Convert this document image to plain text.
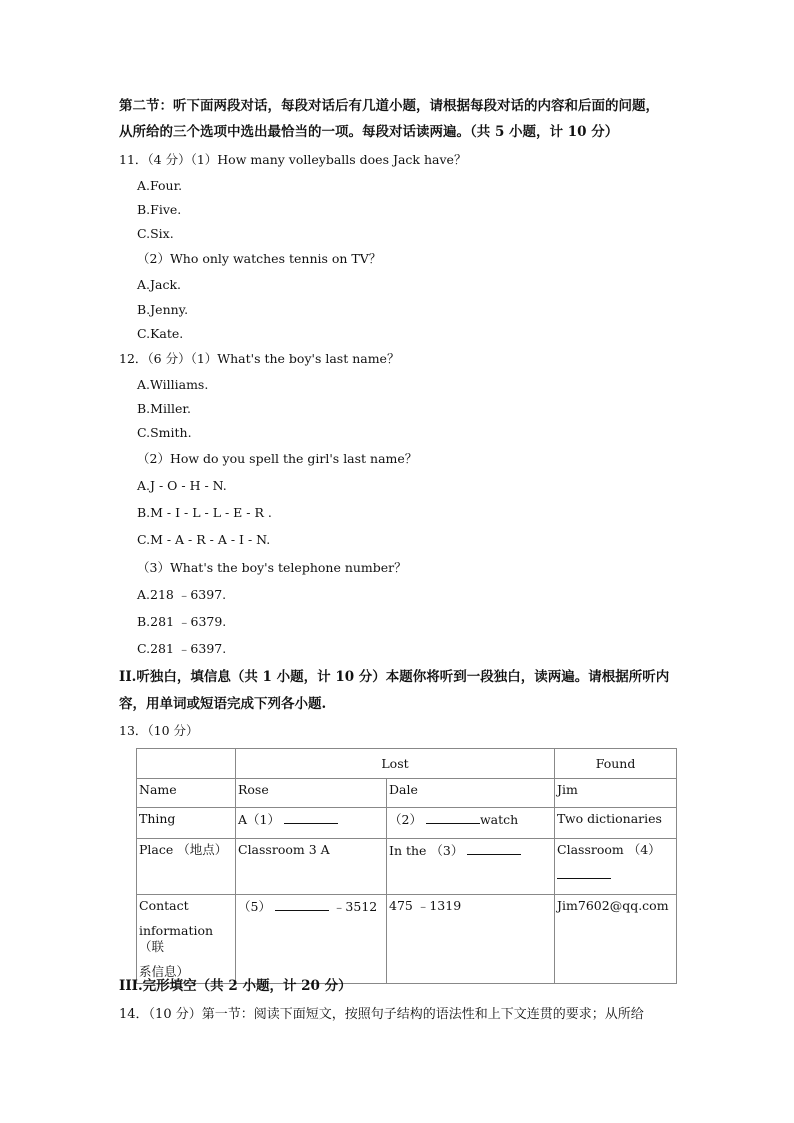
第二节：听下面两段对话，每段对话后有几道小题，请根据每段对话的内容和后面的问题，
从所给的三个选项中选出最恰当的一项。每段对话读两遍。（共 5 小题，计 10 分）
11．（4 分）（1）How many volleyballs does Jack have？
A.Four.
B.Five.
C.Six.
（2）Who only watches tennis on TV？
A.Jack.
B.Jenny.
C.Kate.
12．（6 分）（1）What's the boy's last name？
A.Williams.
B.Miller.
C.Smith.
（2）How do you spell the girl's last name？
A.J - O - H - N.
B.M - I - L - L - E - R .
C.M - A - R - A - I - N.
（3）What's the boy's telephone number？
A.218 ﹣6397.
B.281 ﹣6379.
C.281 ﹣6397.
II.听独白，填信息（共 1 小题，计 10 分）本题你将听到一段独白，读两遍。请根据所听内
容，用单词或短语完成下列各小题.
13．（10 分）
	Lost		Found
Name	Rose	Dale	Jim
Thing	A（1）	（2） watch	Two dictionaries
Place （地点）	Classroom 3 A	In the （3）	Classroom （4）

Contact
information（联
系信息）	（5） ﹣3512	475 ﹣1319	Jim7602@qq.com
III.完形填空（共 2 小题，计 20 分）
14．（10 分）第一节：阅读下面短文，按照句子结构的语法性和上下文连贯的要求；从所给
